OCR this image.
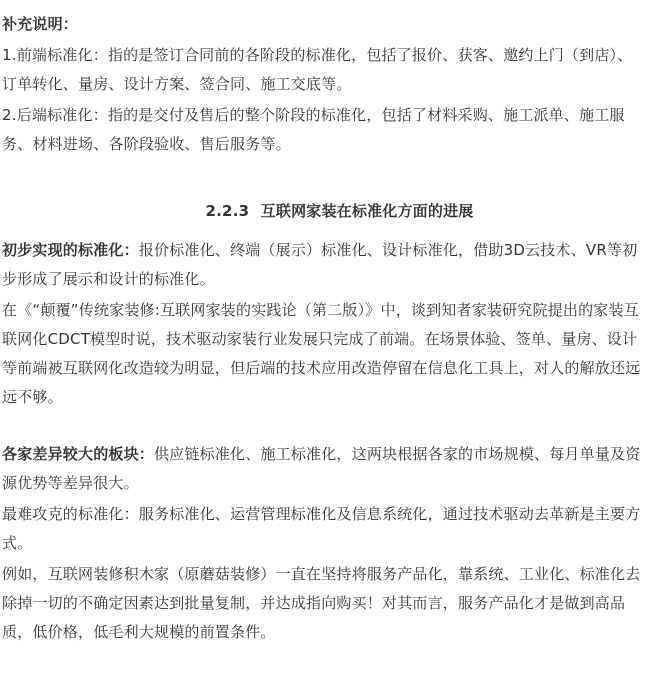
补充说明：

1.前端标准化：指的是签订合同前的各阶段的标准化，包括了报价、获客、邀约上门（到店）、订单转化、量房、设计方案、签合同、施工交底等。

2.后端标准化：指的是交付及售后的整个阶段的标准化，包括了材料采购、施工派单、施工服务、材料进场、各阶段验收、售后服务等。

2.2.3 互联网家装在标准化方面的进展

初步实现的标准化：报价标准化、终端（展示）标准化、设计标准化，借助3D云技术、VR等初步形成了展示和设计的标准化。

在《“颠覆”传统家装修:互联网家装的实践论（第二版）》中，谈到知者家装研究院提出的家装互联网化CDCT模型时说，技术驱动家装行业发展只完成了前端。在场景体验、签单、量房、设计等前端被互联网化改造较为明显，但后端的技术应用改造停留在信息化工具上，对人的解放还远远不够。

各家差异较大的板块：供应链标准化、施工标准化，这两块根据各家的市场规模、每月单量及资源优势等差异很大。

最难攻克的标准化：服务标准化、运营管理标准化及信息系统化，通过技术驱动去革新是主要方式。

例如，互联网装修积木家（原蘑菇装修）一直在坚持将服务产品化，靠系统、工业化、标准化去除掉一切的不确定因素达到批量复制，并达成指向购买！对其而言，服务产品化才是做到高品质，低价格，低毛利大规模的前置条件。
